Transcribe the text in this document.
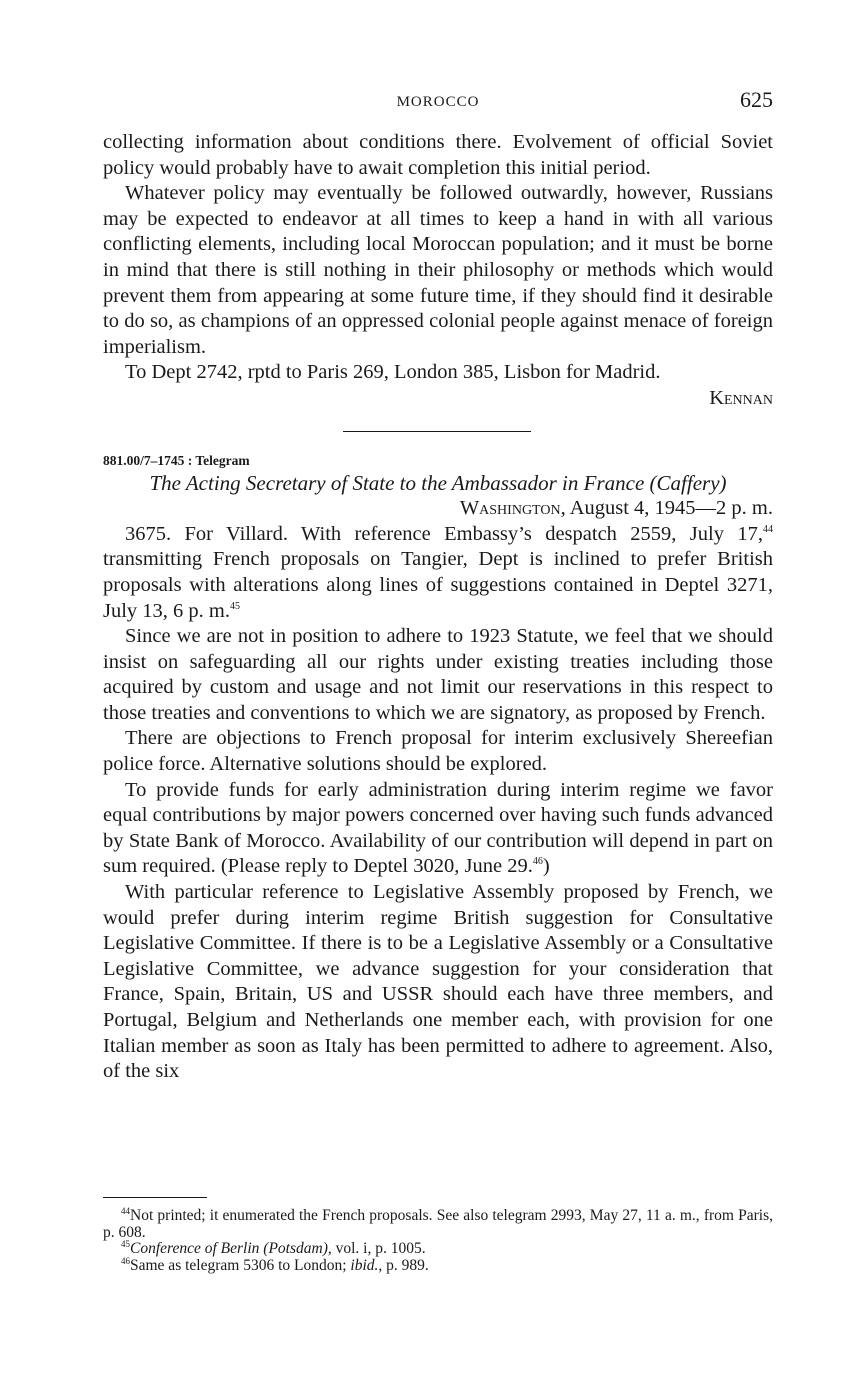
MOROCCO	625

collecting information about conditions there. Evolvement of official Soviet policy would probably have to await completion this initial period.

Whatever policy may eventually be followed outwardly, however, Russians may be expected to endeavor at all times to keep a hand in with all various conflicting elements, including local Moroccan population; and it must be borne in mind that there is still nothing in their philosophy or methods which would prevent them from appearing at some future time, if they should find it desirable to do so, as champions of an oppressed colonial people against menace of foreign imperialism.

To Dept 2742, rptd to Paris 269, London 385, Lisbon for Madrid.

Kennan

881.00/7–1745 : Telegram

The Acting Secretary of State to the Ambassador in France (Caffery)

Washington, August 4, 1945—2 p. m.

3675. For Villard. With reference Embassy’s despatch 2559, July 17,44 transmitting French proposals on Tangier, Dept is inclined to prefer British proposals with alterations along lines of suggestions contained in Deptel 3271, July 13, 6 p. m.$^{45}$

Since we are not in position to adhere to 1923 Statute, we feel that we should insist on safeguarding all our rights under existing treaties including those acquired by custom and usage and not limit our reservations in this respect to those treaties and conventions to which we are signatory, as proposed by French.

There are objections to French proposal for interim exclusively Shereefian police force. Alternative solutions should be explored.

To provide funds for early administration during interim regime we favor equal contributions by major powers concerned over having such funds advanced by State Bank of Morocco. Availability of our contribution will depend in part on sum required. (Please reply to Deptel 3020, June 29.46)

With particular reference to Legislative Assembly proposed by French, we would prefer during interim regime British suggestion for Consultative Legislative Committee. If there is to be a Legislative Assembly or a Consultative Legislative Committee, we advance suggestion for your consideration that France, Spain, Britain, US and USSR should each have three members, and Portugal, Belgium and Netherlands one member each, with provision for one Italian member as soon as Italy has been permitted to adhere to agreement. Also, of the six

$^{44}$Not printed; it enumerated the French proposals. See also telegram 2993, May 27, 11 a. m., from Paris, p. 608.

$^{45}$Conference of Berlin (Potsdam), vol. i, p. 1005.

$^{46}$Same as telegram 5306 to London; ibid., p. 989.
